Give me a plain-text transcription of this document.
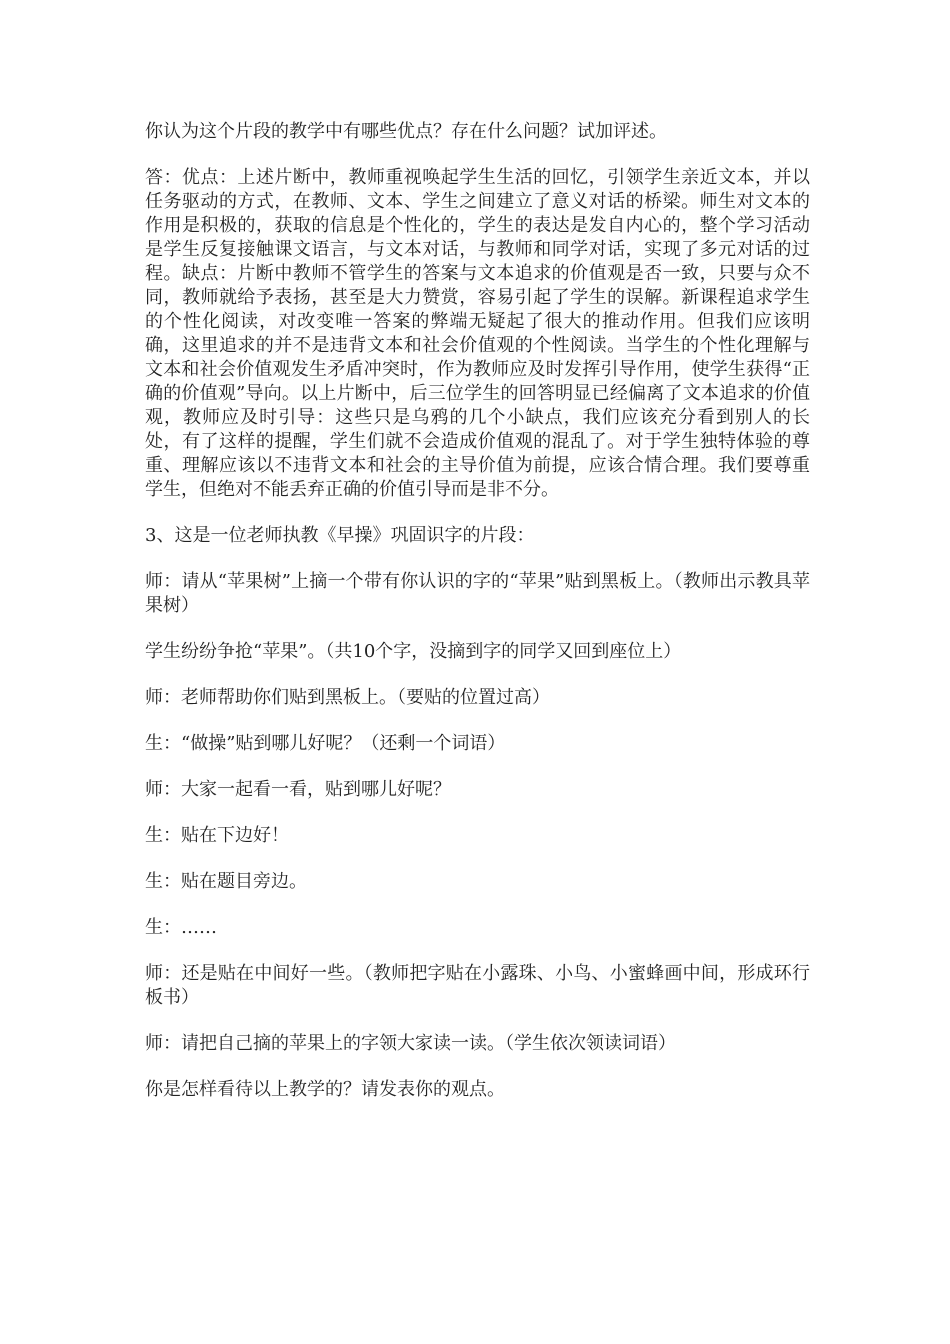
你认为这个片段的教学中有哪些优点？存在什么问题？试加评述。

答：优点：上述片断中，教师重视唤起学生生活的回忆，引领学生亲近文本，并以任务驱动的方式，在教师、文本、学生之间建立了意义对话的桥梁。师生对文本的作用是积极的，获取的信息是个性化的，学生的表达是发自内心的，整个学习活动是学生反复接触课文语言，与文本对话，与教师和同学对话，实现了多元对话的过程。缺点：片断中教师不管学生的答案与文本追求的价值观是否一致，只要与众不同，教师就给予表扬，甚至是大力赞赏，容易引起了学生的误解。新课程追求学生的个性化阅读，对改变唯一答案的弊端无疑起了很大的推动作用。但我们应该明确，这里追求的并不是违背文本和社会价值观的个性阅读。当学生的个性化理解与文本和社会价值观发生矛盾冲突时，作为教师应及时发挥引导作用，使学生获得“正确的价值观”导向。以上片断中，后三位学生的回答明显已经偏离了文本追求的价值观，教师应及时引导：这些只是乌鸦的几个小缺点，我们应该充分看到别人的长处，有了这样的提醒，学生们就不会造成价值观的混乱了。对于学生独特体验的尊重、理解应该以不违背文本和社会的主导价值为前提，应该合情合理。我们要尊重学生，但绝对不能丢弃正确的价值引导而是非不分。

3、这是一位老师执教《早操》巩固识字的片段：

师：请从“苹果树”上摘一个带有你认识的字的“苹果”贴到黑板上。（教师出示教具苹果树）

学生纷纷争抢“苹果”。（共10个字，没摘到字的同学又回到座位上）

师：老师帮助你们贴到黑板上。（要贴的位置过高）

生：“做操”贴到哪儿好呢？（还剩一个词语）

师：大家一起看一看，贴到哪儿好呢？

生：贴在下边好！

生：贴在题目旁边。

生：……

师：还是贴在中间好一些。（教师把字贴在小露珠、小鸟、小蜜蜂画中间，形成环行板书）

师：请把自己摘的苹果上的字领大家读一读。（学生依次领读词语）

你是怎样看待以上教学的？请发表你的观点。
